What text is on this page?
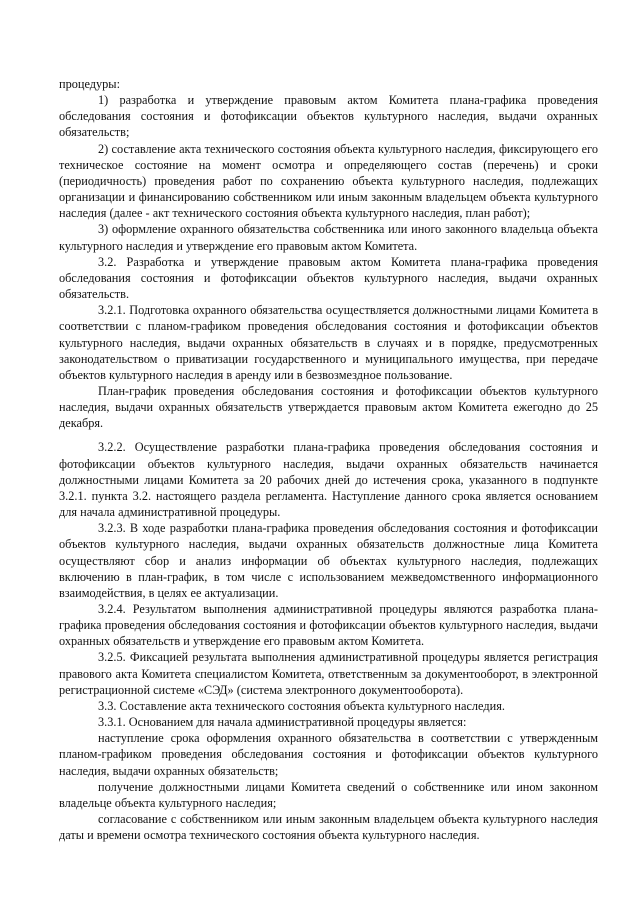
процедуры:

1) разработка и утверждение правовым актом Комитета плана-графика проведения обследования состояния и фотофиксации объектов культурного наследия, выдачи охранных обязательств;

2) составление акта технического состояния объекта культурного наследия, фиксирующего его техническое состояние на момент осмотра и определяющего состав (перечень) и сроки (периодичность) проведения работ по сохранению объекта культурного наследия, подлежащих организации и финансированию собственником или иным законным владельцем объекта культурного наследия (далее - акт технического состояния объекта культурного наследия, план работ);

3) оформление охранного обязательства собственника или иного законного владельца объекта культурного наследия и утверждение его правовым актом Комитета.

3.2. Разработка и утверждение правовым актом Комитета плана-графика проведения обследования состояния и фотофиксации объектов культурного наследия, выдачи охранных обязательств.

3.2.1. Подготовка охранного обязательства осуществляется должностными лицами Комитета в соответствии с планом-графиком проведения обследования состояния и фотофиксации объектов культурного наследия, выдачи охранных обязательств в случаях и в порядке, предусмотренных законодательством о приватизации государственного и муниципального имущества, при передаче объектов культурного наследия в аренду или в безвозмездное пользование.

План-график проведения обследования состояния и фотофиксации объектов культурного наследия, выдачи охранных обязательств утверждается правовым актом Комитета ежегодно до 25 декабря.

3.2.2. Осуществление разработки плана-графика проведения обследования состояния и фотофиксации объектов культурного наследия, выдачи охранных обязательств начинается должностными лицами Комитета за 20 рабочих дней до истечения срока, указанного в подпункте 3.2.1. пункта 3.2. настоящего раздела регламента. Наступление данного срока является основанием для начала административной процедуры.

3.2.3. В ходе разработки плана-графика проведения обследования состояния и фотофиксации объектов культурного наследия, выдачи охранных обязательств должностные лица Комитета осуществляют сбор и анализ информации об объектах культурного наследия, подлежащих включению в план-график, в том числе с использованием межведомственного информационного взаимодействия, в целях ее актуализации.

3.2.4. Результатом выполнения административной процедуры являются разработка плана-графика проведения обследования состояния и фотофиксации объектов культурного наследия, выдачи охранных обязательств и утверждение его правовым актом Комитета.

3.2.5. Фиксацией результата выполнения административной процедуры является регистрация правового акта Комитета специалистом Комитета, ответственным за документооборот, в электронной регистрационной системе «СЭД» (система электронного документооборота).

3.3. Составление акта технического состояния объекта культурного наследия.

3.3.1. Основанием для начала административной процедуры является:

наступление срока оформления охранного обязательства в соответствии с утвержденным планом-графиком проведения обследования состояния и фотофиксации объектов культурного наследия, выдачи охранных обязательств;

получение должностными лицами Комитета сведений о собственнике или ином законном владельце объекта культурного наследия;

согласование с собственником или иным законным владельцем объекта культурного наследия даты и времени осмотра технического состояния объекта культурного наследия.
